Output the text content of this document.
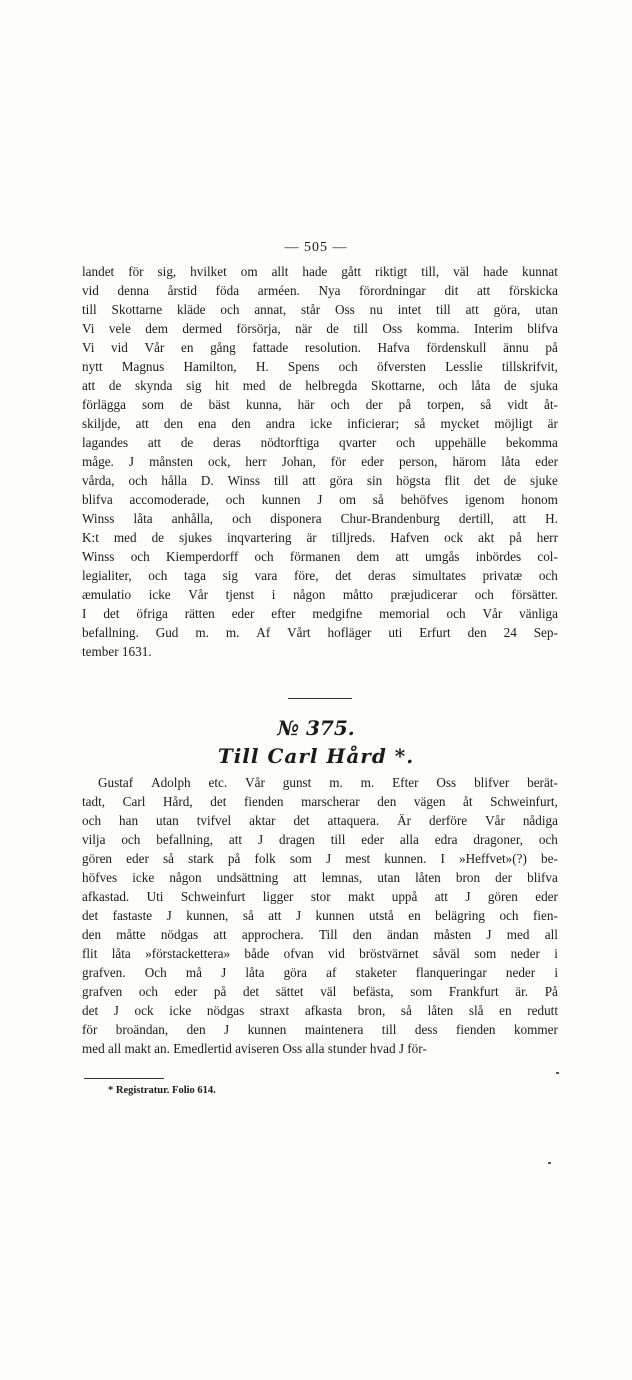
— 505 —
landet för sig, hvilket om allt hade gått riktigt till, väl hade kunnat
vid denna årstid föda arméen. Nya förordningar dit att förskicka
till Skottarne kläde och annat, står Oss nu intet till att göra, utan
Vi vele dem dermed försörja, när de till Oss komma. Interim blifva
Vi vid Vår en gång fattade resolution. Hafva fördenskull ännu på
nytt Magnus Hamilton, H. Spens och öfversten Lesslie tillskrifvit,
att de skynda sig hit med de helbregda Skottarne, och låta de sjuka
förlägga som de bäst kunna, här och der på torpen, så vidt åt-
skiljde, att den ena den andra icke inficierar; så mycket möjligt är
lagandes att de deras nödtorftiga qvarter och uppehälle bekomma
måge. J månsten ock, herr Johan, för eder person, härom låta eder
vårda, och hålla D. Winss till att göra sin högsta flit det de sjuke
blifva accomoderade, och kunnen J om så behöfves igenom honom
Winss låta anhålla, och disponera Chur-Brandenburg dertill, att H.
K:t med de sjukes inqvartering är tilljreds. Hafven ock akt på herr
Winss och Kiemperdorff och förmanen dem att umgås inbördes col-
legialiter, och taga sig vara före, det deras simultates privatæ och
æmulatio icke Vår tjenst i någon måtto præjudicerar och försätter.
I det öfriga rätten eder efter medgifne memorial och Vår vänliga
befallning. Gud m. m. Af Vårt hofläger uti Erfurt den 24 Sep-
tember
1631.
№ 375.
Till Carl Hård *.
Gustaf Adolph etc. Vår gunst m. m. Efter Oss blifver berät-
tadt, Carl Hård, det fienden marscherar den vägen åt Schweinfurt,
och han utan tvifvel aktar det attaquera. Är derföre Vår nådiga
vilja och befallning, att J dragen till eder alla edra dragoner, och
gören eder så stark på folk som J mest kunnen. I »Heffvet»(?) be-
höfves icke någon undsättning att lemnas, utan låten bron der blifva
afkastad. Uti Schweinfurt ligger stor makt uppå att J gören eder
det fastaste J kunnen, så att J kunnen utstå en belägring och fien-
den måtte nödgas att approchera. Till den ändan måsten J med all
flit låta »förstackettera» både ofvan vid bröstvärnet såväl som neder i
grafven. Och må J låta göra af staketer flanqueringar neder i
grafven och eder på det sättet väl befästa, som Frankfurt är. På
det J ock icke nödgas straxt afkasta bron, så låten slå en redutt
för broändan, den J kunnen maintenera till dess fienden kommer
med
all
makt
an.
Emedlertid
aviseren
Oss
alla
stunder
hvad
J
för-
* Registratur. Folio 614.
